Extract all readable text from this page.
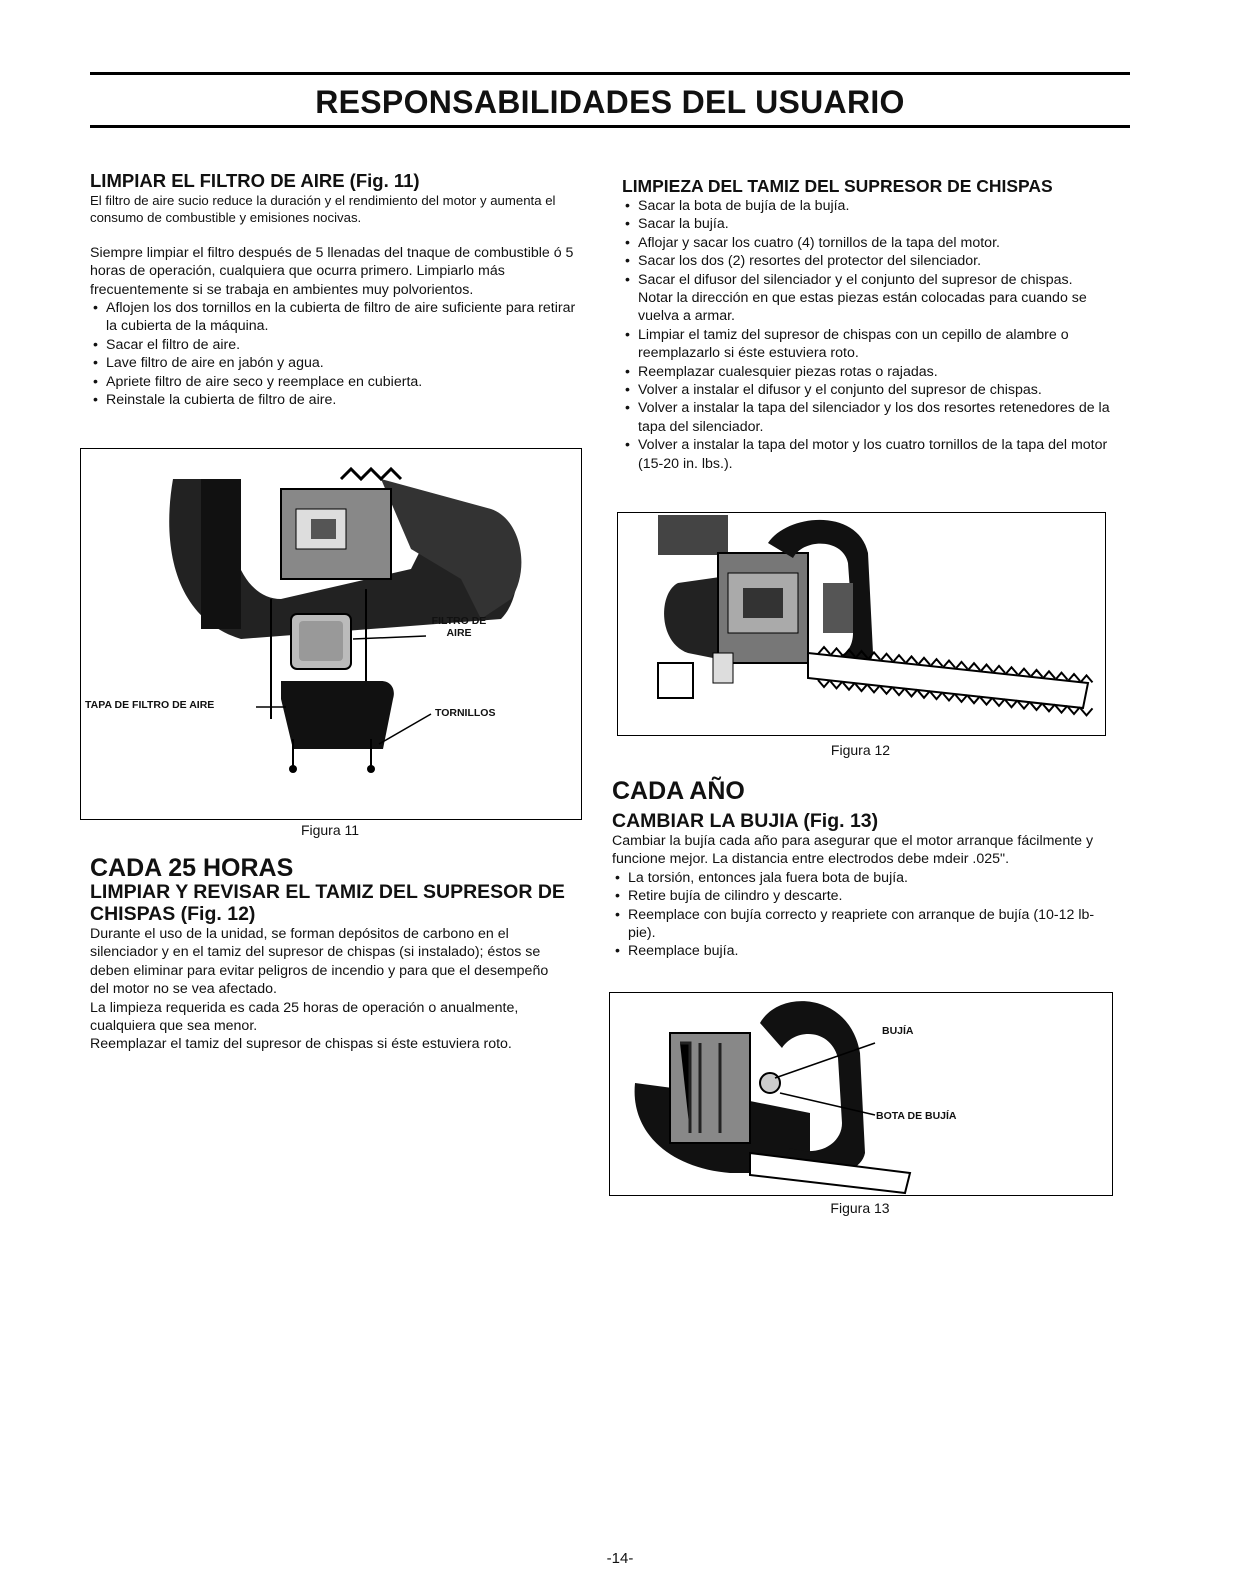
RESPONSABILIDADES DEL USUARIO
LIMPIAR EL FILTRO DE AIRE (Fig. 11)

El filtro de aire sucio reduce la duración y el rendimiento del motor y aumenta el consumo de combustible y emisiones nocivas.

Siempre limpiar el filtro después de 5 llenadas del tnaque de combustible ó 5 horas de operación, cualquiera que ocurra primero. Limpiarlo más frecuentemente si se trabaja en ambientes muy polvorientos.

• Aflojen los dos tornillos en la cubierta de filtro de aire suficiente para retirar la cubierta de la máquina.
• Sacar el filtro de aire.
• Lave filtro de aire en jabón y agua.
• Apriete filtro de aire seco y reemplace en cubierta.
• Reinstale la cubierta de filtro de aire.
FILTRO DE AIRE
TAPA DE FILTRO DE AIRE
TORNILLOS
Figura 11
CADA 25 HORAS
LIMPIAR Y REVISAR EL TAMIZ DEL SUPRESOR DE CHISPAS (Fig. 12)

Durante el uso de la unidad, se forman depósitos de carbono en el silenciador y en el tamiz del supresor de chispas (si instalado); éstos se deben eliminar para evitar peligros de incendio y para que el desempeño del motor no se vea afectado.

La limpieza requerida es cada 25 horas de operación o anualmente, cualquiera que sea menor.

Reemplazar el tamiz del supresor de chispas si éste estuviera roto.

LIMPIEZA DEL TAMIZ DEL SUPRESOR DE CHISPAS
• Sacar la bota de bujía de la bujía.
• Sacar la bujía.
• Aflojar y sacar los cuatro (4) tornillos de la tapa del motor.
• Sacar los dos (2) resortes del protector del silenciador.
• Sacar el difusor del silenciador y el conjunto del supresor de chispas. Notar la dirección en que estas piezas están colocadas para cuando se vuelva a armar.
• Limpiar el tamiz del supresor de chispas con un cepillo de alambre o reemplazarlo si éste estuviera roto.
• Reemplazar cualesquier piezas rotas o rajadas.
• Volver a instalar el difusor y el conjunto del supresor de chispas.
• Volver a instalar la tapa del silenciador y los dos resortes retenedores de la tapa del silenciador.
• Volver a instalar la tapa del motor y los cuatro tornillos de la tapa del motor (15-20 in. lbs.).
Figura 12
CADA AÑO
CAMBIAR LA BUJIA (Fig. 13)

Cambiar la bujía cada año para asegurar que el motor arranque fácilmente y funcione mejor. La distancia entre electrodos debe mdeir .025".

• La torsión, entonces jala fuera bota de bujía.
• Retire bujía de cilindro y descarte.
• Reemplace con bujía correcto y reapriete con arranque de bujía (10-12 lb-pie).
• Reemplace bujía.
BUJÍA
BOTA DE BUJÍA
Figura 13
-14-
